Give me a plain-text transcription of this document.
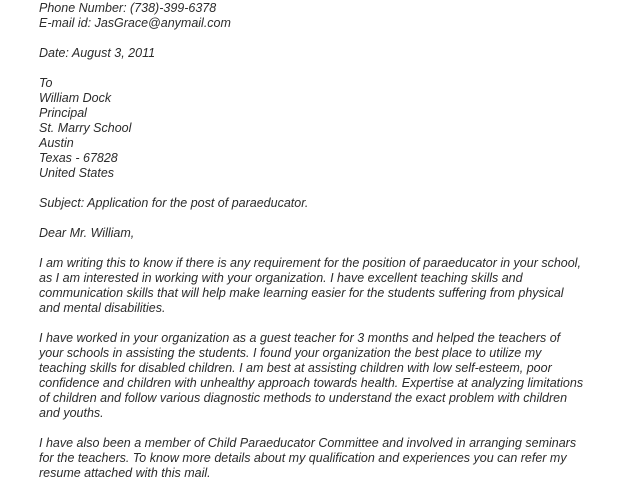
Phone Number: (738)-399-6378
E-mail id: JasGrace@anymail.com
Date: August 3, 2011
To
William Dock
Principal
St. Marry School
Austin
Texas - 67828
United States
Subject: Application for the post of paraeducator.
Dear Mr. William,
I am writing this to know if there is any requirement for the position of paraeducator in your school,
as I am interested in working with your organization. I have excellent teaching skills and
communication skills that will help make learning easier for the students suffering from physical
and mental disabilities.
I have worked in your organization as a guest teacher for 3 months and helped the teachers of
your schools in assisting the students. I found your organization the best place to utilize my
teaching skills for disabled children. I am best at assisting children with low self-esteem, poor
confidence and children with unhealthy approach towards health. Expertise at analyzing limitations
of children and follow various diagnostic methods to understand the exact problem with children
and youths.
I have also been a member of Child Paraeducator Committee and involved in arranging seminars
for the teachers. To know more details about my qualification and experiences you can refer my
resume attached with this mail.
